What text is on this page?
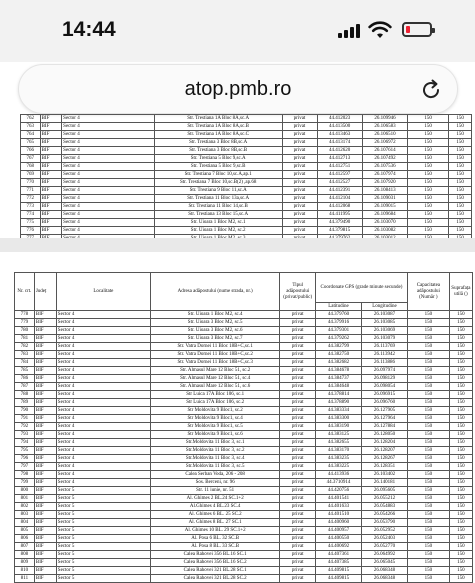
14:44
atop.pmb.ro
762	BIF	Sector 4	Str. Trestiana 1A Bloc 8A,sc.A	privat	44.412023	26.109946	150	150
763	BIF	Sector 4	Str. Trestiana 1A Bloc 8A,sc.B	privat	44.413500	26.106583	150	150
764	BIF	Sector 4	Str. Trestiana 1A Bloc 8A,sc.C	privat	44.413463	26.106510	150	150
765	BIF	Sector 4	Str. Trestiana 3 Bloc 8B,sc.A	privat	44.413174	26.106972	150	150
766	BIF	Sector 4	Str. Trestiana 3 Bloc 8B,sc.B	privat	44.412620	26.107614	150	150
767	BIF	Sector 4	Str. Trestiana 5 Bloc 9,sc.A	privat	44.412713	26.107492	150	150
768	BIF	Sector 4	Str. Trestiana 5 Bloc 9,sc.B	privat	44.412751	26.107536	150	150
769	BIF	Sector 4	Str. Trestiana 7 Bloc 10,sc.A,ap.1	privat	44.412597	26.107974	150	150
770	BIF	Sector 4	Str. Trestiana 7 Bloc 10,sc.B(2) ,ap.68	privat	44.412527	26.107920	150	150
771	BIF	Sector 4	Str. Trestiana 9 Bloc 11,sc.A	privat	44.412391	26.108413	150	150
772	BIF	Sector 4	Str. Trestiana 11 Bloc 13a,sc.A	privat	44.412104	26.109031	150	150
773	BIF	Sector 4	Str. Trestiana 11 Bloc 14,sc.B	privat	44.412068	26.109015	150	150
774	BIF	Sector 4	Str. Trestiana 13 Bloc 15,sc.A	privat	44.411995	26.109684	150	150
775	BIF	Sector 4	Str. Uioara 1 Bloc M2, sc.1	privat	44.379490	26.103070	150	150
776	BIF	Sector 4	Str. Uioara 1 Bloc M2, sc.2	privat	44.379815	26.103082	150	150

Nr. crt.	Județ	Localitate	Adresa adăpostului (nume strada, nr.)	Tipul adăpostului (privat/public)	Coordonate GPS (grade minute secunde)		Capacitatea adăpostului (Număr )	Suprafața utilă ()
					Latitudine	Longitudine		
778	BIF	Sector 4	Str. Uioara 1 Bloc M2, sc.4	privat	44.379760	26.103087	150	150
779	BIF	Sector 4	Str. Uioara 3 Bloc M2, sc.5	privat	44.379916	26.103085	150	150
780	BIF	Sector 4	Str. Uioara 3 Bloc M2, sc.6	privat	44.379301	26.103069	150	150
781	BIF	Sector 4	Str. Uioara 3 Bloc M2, sc.7	privat	44.379262	26.103079	150	150
782	BIF	Sector 4	Str. Vatra Dornei 11 Bloc 18B+C,sc.1	privat	44.382799	26.113769	150	150
783	BIF	Sector 4	Str. Vatra Dornei 11 Bloc 18B+C,sc.2	privat	44.382750	26.113942	150	150
784	BIF	Sector 4	Str. Vatra Dornei 11 Bloc 18B+C,sc.3	privat	44.382682	26.113886	150	150
785	BIF	Sector 4	Str. Almasul Mare 12 Bloc 51, sc.2	privat	44.384678	26.097974	150	150
786	BIF	Sector 4	Str. Almasul Mare 12 Bloc 51, sc.4	privat	44.384737	26.098129	150	150
787	BIF	Sector 4	Str. Almasul Mare 12 Bloc 51, sc.6	privat	44.384648	26.098054	150	150
788	BIF	Sector 4	Str Luica 17A Bloc 106, sc.1	privat	44.378814	26.096915	150	150
789	BIF	Sector 4	Str Luica 17A Bloc 106, sc.2	privat	44.378890	26.096760	150	150
790	BIF	Sector 4	Str Moldovita 9 Bloc1, sc.2	privat	44.383334	26.127905	150	150
791	BIF	Sector 4	Str Moldovita 9 Bloc1, sc.4	privat	44.383300	26.127964	150	150
792	BIF	Sector 4	Str Moldovita 9 Bloc1, sc.5	privat	44.383190	26.127884	150	150
793	BIF	Sector 4	Str Moldovita 9 Bloc1, sc.6	privat	44.383125	26.128050	150	150
794	BIF	Sector 4	Str.Moldovita 11 Bloc 3, sc.1	privat	44.382655	26.128204	150	150
795	BIF	Sector 4	Str.Moldovita 11 Bloc 3, sc.2	privat	44.383170	26.128207	150	150
796	BIF	Sector 4	Str.Moldovita 11 Bloc 3, sc.4	privat	44.383235	26.128267	150	150
797	BIF	Sector 4	Str.Moldovita 11 Bloc 3, sc.5	privat	44.383225	26.128351	150	150
798	BIF	Sector 4	Calea Serban Voda, 206 - 208	privat	44.413936	26.103402	150	150
799	BIF	Sector 4	Sos. Berceni, nr. 96	privat	44.3710914	26.140181	150	150
800	BIF	Sector 5	Str. 11 iunie, nr. 51	privat	44.420756	26.095605	150	150
801	BIF	Sector 5	Al. Ghimes 2 BL.24 SC.1+2	privat	44.401541	26.055212	150	150
802	BIF	Sector 5	Al.Ghimes 4 BL.23 SC.4	privat	44.401633	26.054883	150	150
803	BIF	Sector 5	Al. Ghimes 6 BL. 25 SC.2	privat	44.401510	26.054266	150	150
804	BIF	Sector 5	Al. Ghimes 8 BL. 27 SC.1	privat	44.400960	26.053790	150	150
805	BIF	Sector 5	Al. Ghimes 10 BL. 29 SC.1+2	privat	44.400957	26.052952	150	150
806	BIF	Sector 5	Al. Posa 6 BL. 32 SC.B	privat	44.400550	26.052403	150	150
807	BIF	Sector 5	Al. Posa 8 BL. 33 SC.B	privat	44.400692	26.052770	150	150
808	BIF	Sector 5	Calea Rahovei 356 BL.16 SC.1	privat	44.407361	26.064992	150	150
809	BIF	Sector 5	Calea Rahovei 356 BL.16 SC.2	privat	44.407385	26.065045	150	150
810	BIF	Sector 5	Calea Rahovei 321 BL.28 SC.1	privat	44.409815	26.068348	150	150
811	BIF	Sector 5	Calea Rahovei 321 BL.28 SC.2	privat	44.409815	26.068348	150	150
